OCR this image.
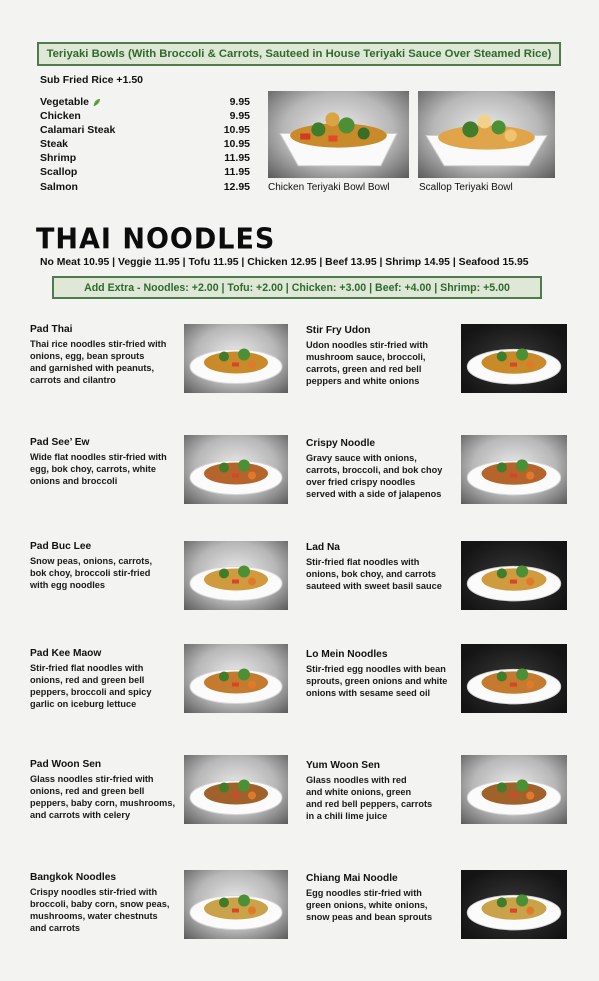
Teriyaki Bowls (With Broccoli & Carrots, Sauteed in House Teriyaki Sauce Over Steamed Rice)
Sub Fried Rice +1.50
Vegetable	9.95
Chicken	9.95
Calamari Steak	10.95
Steak	10.95
Shrimp	11.95
Scallop	11.95
Salmon	12.95 Chicken Teriyaki Bowl Bowl	Scallop Teriyaki Bowl
THAI NOODLES
No Meat 10.95 | Veggie 11.95 | Tofu 11.95 | Chicken 12.95 | Beef 13.95 | Shrimp 14.95 | Seafood 15.95
Add Extra - Noodles: +2.00 | Tofu: +2.00 | Chicken: +3.00 | Beef: +4.00 | Shrimp: +5.00
Pad Thai
Thai rice noodles stir-fried with
onions, egg, bean sprouts
and garnished with peanuts,
carrots and cilantro
Stir Fry Udon
Udon noodles stir-fried with
mushroom sauce, broccoli,
carrots, green and red bell
peppers and white onions
Pad See’ Ew
Wide flat noodles stir-fried with
egg, bok choy, carrots, white
onions and broccoli
Crispy Noodle
Gravy sauce with onions,
carrots, broccoli, and bok choy
over fried crispy noodles
served with a side of jalapenos
Pad Buc Lee
Snow peas, onions, carrots,
bok choy, broccoli stir-fried
with egg noodles
Lad Na
Stir-fried flat noodles with
onions, bok choy, and carrots
sauteed with sweet basil sauce
Pad Kee Maow
Stir-fried flat noodles with
onions, red and green bell
peppers, broccoli and spicy
garlic on iceburg lettuce
Lo Mein Noodles
Stir-fried egg noodles with bean
sprouts, green onions and white
onions with sesame seed oil
Pad Woon Sen
Glass noodles stir-fried with
onions, red and green bell
peppers, baby corn, mushrooms,
and carrots with celery
Yum Woon Sen
Glass noodles with red
and white onions, green
and red bell peppers, carrots
in a chili lime juice
Bangkok Noodles
Crispy noodles stir-fried with
broccoli, baby corn, snow peas,
mushrooms, water chestnuts
and carrots
Chiang Mai Noodle
Egg noodles stir-fried with
green onions, white onions,
snow peas and bean sprouts
